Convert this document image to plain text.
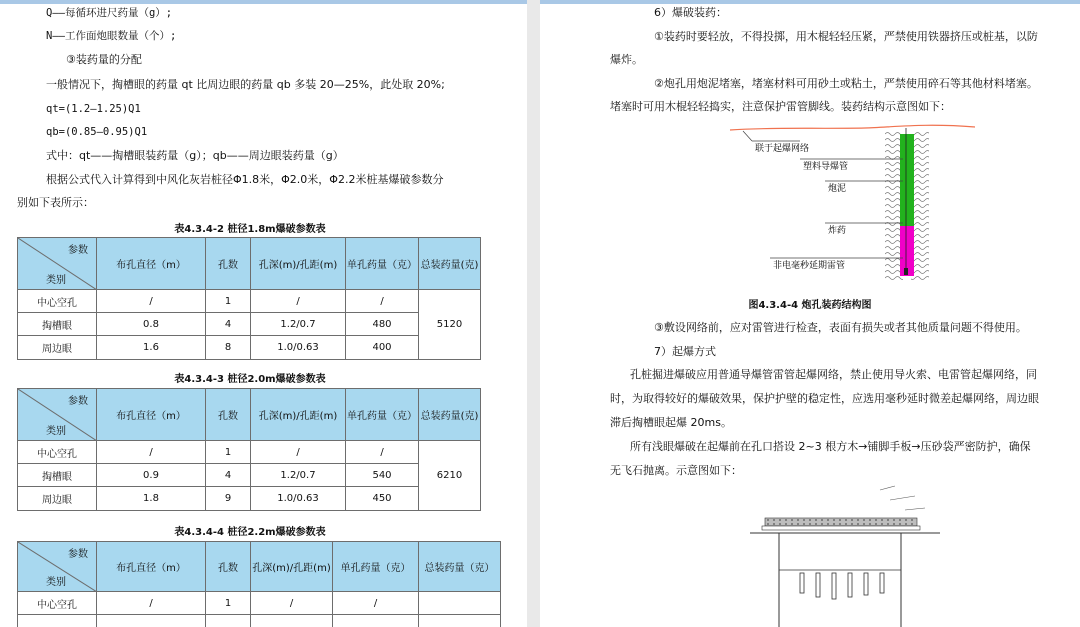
Q——每循环进尺药量（g）;
N——工作面炮眼数量（个）;
③装药量的分配
一般情况下，掏槽眼的药量 qt 比周边眼的药量 qb 多装 20—25%，此处取 20%;
qt=(1.2—1.25)Q1
qb=(0.85—0.95)Q1
式中：qt——掏槽眼装药量（g）；qb——周边眼装药量（g）
根据公式代入计算得到中风化灰岩桩径Φ1.8米，Φ2.0米，Φ2.2米桩基爆破参数分
别如下表所示：
表4.3.4-2 桩径1.8m爆破参数表
参数
类别	布孔直径（m）	孔数	孔深(m)/孔距(m)	单孔药量（克）	总装药量(克)
中心空孔	/	1	/	/	5120
掏槽眼	0.8	4	1.2/0.7	480	
周边眼	1.6	8	1.0/0.63	400	
表4.3.4-3 桩径2.0m爆破参数表
参数
类别	布孔直径（m）	孔数	孔深(m)/孔距(m)	单孔药量（克）	总装药量(克)
中心空孔	/	1	/	/	6210
掏槽眼	0.9	4	1.2/0.7	540	
周边眼	1.8	9	1.0/0.63	450	
表4.3.4-4 桩径2.2m爆破参数表
参数
类别	布孔直径（m）	孔数	孔深(m)/孔距(m)	单孔药量（克）	总装药量（克）
中心空孔	/	1	/	/	

6）爆破装药：
①装药时要轻放，不得投掷，用木棍轻轻压紧，严禁使用铁器挤压或桩基，以防
爆炸。
②炮孔用炮泥堵塞，堵塞材料可用砂土或粘土，严禁使用碎石等其他材料堵塞。
堵塞时可用木棍轻轻捣实，注意保护雷管脚线。装药结构示意图如下：
联于起爆网络
塑料导爆管
炮泥
炸药
非电毫秒延期雷管
图4.3.4-4 炮孔装药结构图
③敷设网络前，应对雷管进行检查，表面有损失或者其他质量问题不得使用。
7）起爆方式
孔桩掘进爆破应用普通导爆管雷管起爆网络，禁止使用导火索、电雷管起爆网络，同
时，为取得较好的爆破效果，保护护壁的稳定性，应选用毫秒延时微差起爆网络，周边眼
滞后掏槽眼起爆 20ms。
所有浅眼爆破在起爆前在孔口搭设 2~3 根方木→铺脚手板→压砂袋严密防护，确保
无飞石抛离。示意图如下：
